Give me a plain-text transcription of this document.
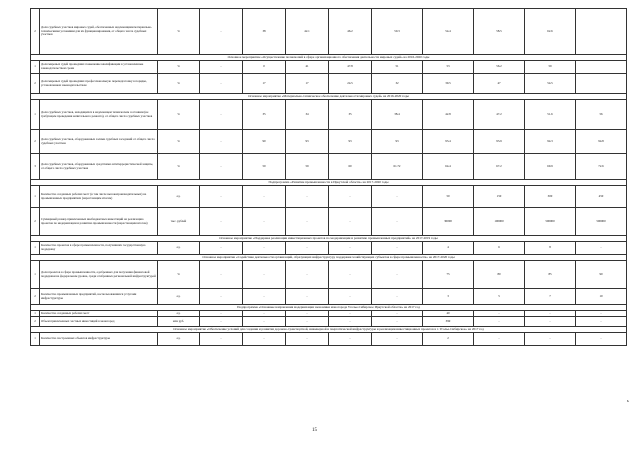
2	Доля судебных участков мировых судей, обеспеченных надлежащими материально-техническими условиями для их функционирования, от общего числа судебных участков	%	-	38	42.1	46.2	50.3	54.4	58.5	62.6	
Основное мероприятие «Осуществление полномочий в сфере организационного обеспечения деятельности мировых судей» на 2016-2020 годы											
1	Доля мировых судей прошедших повышение квалификации в установленные законодательством сроки	%	-	0	41	47.8	51	53	56.2	59	
2	Доля мировых судей прошедших профессиональную переподготовку в порядке, установленном законодательством	%	-	17	17	24.5	32	39.5	47	54.5	
Основное мероприятие «Материально-техническое обеспечение деятельности мировых судей» на 2016-2020 годы											
1	Доля судебных участков, находящихся в надлежащем техническом состоянии (не требующем проведения капитального ремонта), от общего числа судебных участков	%	-	35	34	35	38.4	42.8	47.2	51.6	56
2	Доля судебных участков, оборудованных залами судебных заседаний от общего числа судебных участков	%	-	90	93	93	93	93.4	93.9	94.3	94.8
3	Доля судебных участков, оборудованных средствами антитеррористической защиты, от общего числа судебных участков	%	-	50	59	60	61.72	64.4	67.2	69.9	72.6
Подпрограмма «Развитие промышленности в Иркутской области» на 2017-2020 годы											
1	Количество созданных рабочих мест (в том числе высокопроизводительных) на промышленных предприятиях (нарастающим итогом)	ед.	-	-	-	-	-	50	150	300	450
2	Суммарный размер привлеченных внебюджетных инвестиций на реализацию проектов по модернизации и развитию промышленности (нарастающим итогом)	тыс. рублей	-	-	-	-	-	30000	100000	500000	500000
Основное мероприятие «Поддержка реализации инвестиционных проектов по модернизации и развитию промышленных предприятий» на 2017-2019 годы											
1	Количество проектов в сфере промышленности, получивших государственную поддержку	ед.	-	-	-	-	-	4	6	8	-
Основное мероприятие «Содействие деятельности организаций, образующих инфраструктуру поддержки хозяйствующих субъектов в сфере промышленности» на 2017-2020 годы											
1	Доля проектов в сфере промышленности, одобренных для получения финансовой поддержки на федеральном уровне, среди отобранных региональной инфраструктурой	%	-	-	-	-	-	75	80	85	90
2	Количество промышленных предприятий, воспользовавшихся услугами инфраструктуры	ед.	-	-	-	-	-	3	5	7	10
Подпрограмма «Основные направления модернизации экономики моногорода Усолье-Сибирское Иркутской области» на 2017 год											
1	Количество созданных рабочих мест	ед.	-	-	-	-	-	40	-	-	-
2	Объем привлеченных частных инвестиций в моногород	млн руб.	-	-	-	-	-	399	-	-	-
Основное мероприятие «Обеспечение условий для создания и развития дорожно-транспортной, инженерной и энергетической инфраструктуры и реализации инвестиционных проектов в г. Усолье-Сибирское» на 2017 год											
1	Количество построенных объектов инфраструктуры	ед.	-	-	-	-	-	2	-	-	-
15
ь
